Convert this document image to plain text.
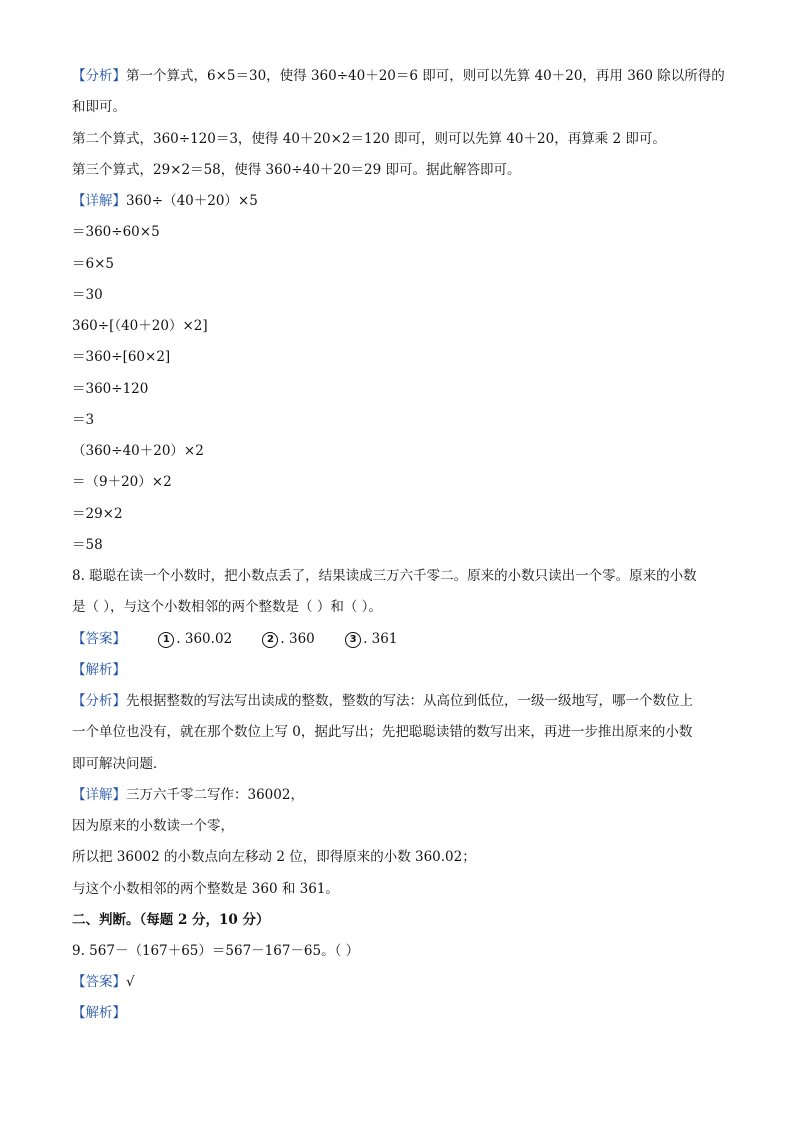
【分析】第一个算式，6×5＝30，使得 360÷40＋20＝6 即可，则可以先算 40＋20，再用 360 除以所得的
和即可。
第二个算式，360÷120＝3，使得 40＋20×2＝120 即可，则可以先算 40＋20，再算乘 2 即可。
第三个算式，29×2＝58，使得 360÷40＋20＝29 即可。据此解答即可。
【详解】360÷（40＋20）×5
＝360÷60×5
＝6×5
＝30
360÷[（40＋20）×2]
＝360÷[60×2]
＝360÷120
＝3
（360÷40＋20）×2
＝（9＋20）×2
＝29×2
＝58
8. 聪聪在读一个小数时，把小数点丢了，结果读成三万六千零二。原来的小数只读出一个零。原来的小数
是（ ），与这个小数相邻的两个整数是（ ）和（ ）。
【答案】	1 . 360.02	2 . 360	3 . 361
【解析】
【分析】先根据整数的写法写出读成的整数，整数的写法：从高位到低位，一级一级地写，哪一个数位上
一个单位也没有，就在那个数位上写 0，据此写出；先把聪聪读错的数写出来，再进一步推出原来的小数
即可解决问题．
【详解】三万六千零二写作：36002，
因为原来的小数读一个零，
所以把 36002 的小数点向左移动 2 位，即得原来的小数 360.02；
与这个小数相邻的两个整数是 360 和 361。
二、判断。（每题 2 分，10 分）
9. 567－（167＋65）＝567－167－65。（ ）
【答案】√
【解析】
